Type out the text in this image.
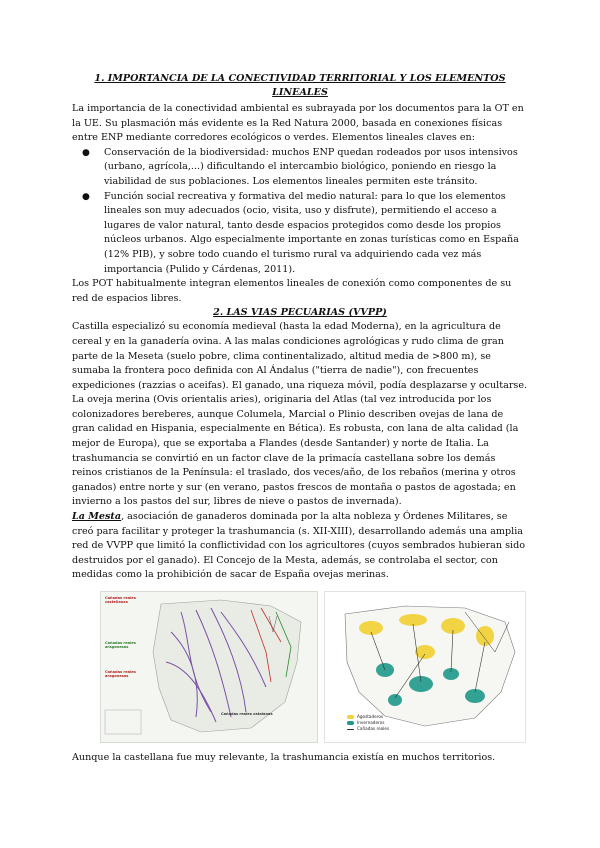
1. IMPORTANCIA DE LA CONECTIVIDAD TERRITORIAL Y LOS ELEMENTOS LINEALES

La importancia de la conectividad ambiental es subrayada por los documentos para la OT en la UE. Su plasmación más evidente es la Red Natura 2000, basada en conexiones físicas entre ENP mediante corredores ecológicos o verdes. Elementos lineales claves en:

● Conservación de la biodiversidad: muchos ENP quedan rodeados por usos intensivos (urbano, agrícola,...) dificultando el intercambio biológico, poniendo en riesgo la viabilidad de sus poblaciones. Los elementos lineales permiten este tránsito.
● Función social recreativa y formativa del medio natural: para lo que los elementos lineales son muy adecuados (ocio, visita, uso y disfrute), permitiendo el acceso a lugares de valor natural, tanto desde espacios protegidos como desde los propios núcleos urbanos. Algo especialmente importante en zonas turísticas como en España (12% PIB), y sobre todo cuando el turismo rural va adquiriendo cada vez más importancia (Pulido y Cárdenas, 2011).

Los POT habitualmente integran elementos lineales de conexión como componentes de su red de espacios libres.

2. LAS VIAS PECUARIAS (VVPP)

Castilla especializó su economía medieval (hasta la edad Moderna), en la agricultura de cereal y en la ganadería ovina. A las malas condiciones agrológicas y rudo clima de gran parte de la Meseta (suelo pobre, clima continentalizado, altitud media de >800 m), se sumaba la frontera poco definida con Al Ándalus ("tierra de nadie"), con frecuentes expediciones (razzias o aceifas). El ganado, una riqueza móvil, podía desplazarse y ocultarse. La oveja merina (Ovis orientalis aries), originaria del Atlas (tal vez introducida por los colonizadores bereberes, aunque Columela, Marcial o Plinio describen ovejas de lana de gran calidad en Hispania, especialmente en Bética). Es robusta, con lana de alta calidad (la mejor de Europa), que se exportaba a Flandes (desde Santander) y norte de Italia. La trashumancia se convirtió en un factor clave de la primacía castellana sobre los demás reinos cristianos de la Península: el traslado, dos veces/año, de los rebaños (merina y otros ganados) entre norte y sur (en verano, pastos frescos de montaña o pastos de agostada; en invierno a los pastos del sur, libres de nieve o pastos de invernada).

La Mesta, asociación de ganaderos dominada por la alta nobleza y Órdenes Militares, se creó para facilitar y proteger la trashumancia (s. XII-XIII), desarrollando además una amplia red de VVPP que limitó la conflictividad con los agricultores (cuyos sembrados hubieran sido destruidos por el ganado). El Concejo de la Mesta, además, se controlaba el sector, con medidas como la prohibición de sacar de España ovejas merinas.

Cañadas reales castellanas
Cañadas reales aragonesas
Cañadas reales aragonesas
Cañadas reales catalanas	Agostaderos
Invernaderos
Cañadas reales

Aunque la castellana fue muy relevante, la trashumancia existía en muchos territorios.
